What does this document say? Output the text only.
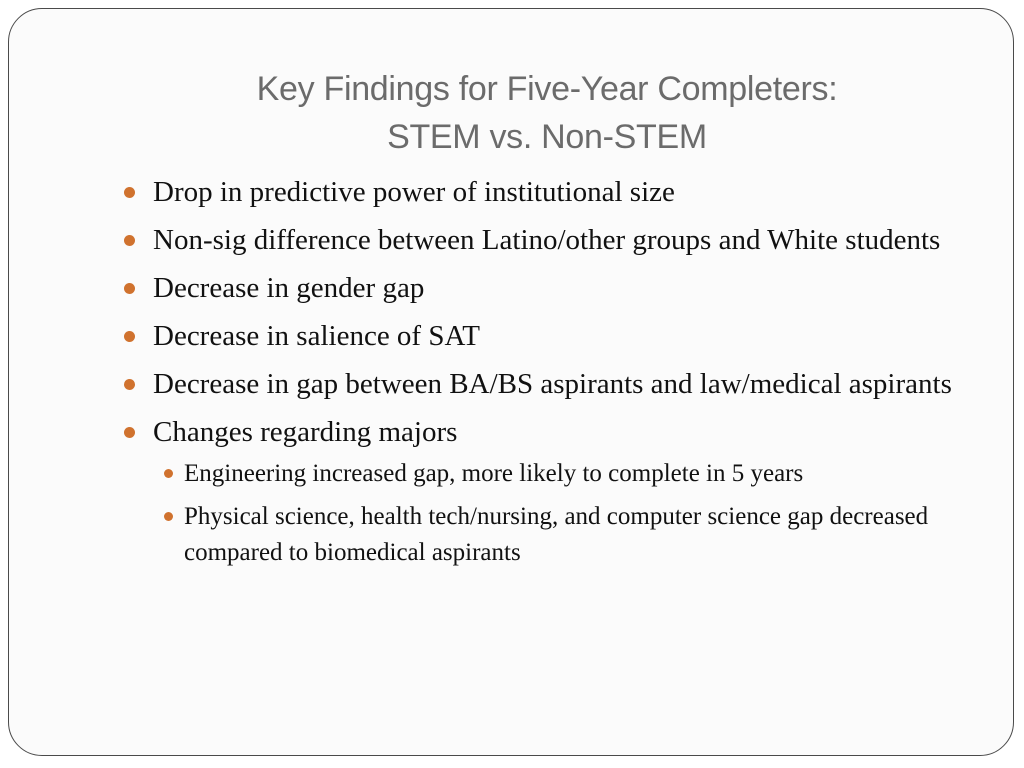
Key Findings for Five-Year Completers:
STEM vs. Non-STEM
Drop in predictive power of institutional size
Non-sig difference between Latino/other groups and White students
Decrease in gender gap
Decrease in salience of SAT
Decrease in gap between BA/BS aspirants and law/medical aspirants
Changes regarding majors
Engineering increased gap, more likely to complete in 5 years
Physical science, health tech/nursing, and computer science gap decreased compared to biomedical aspirants
